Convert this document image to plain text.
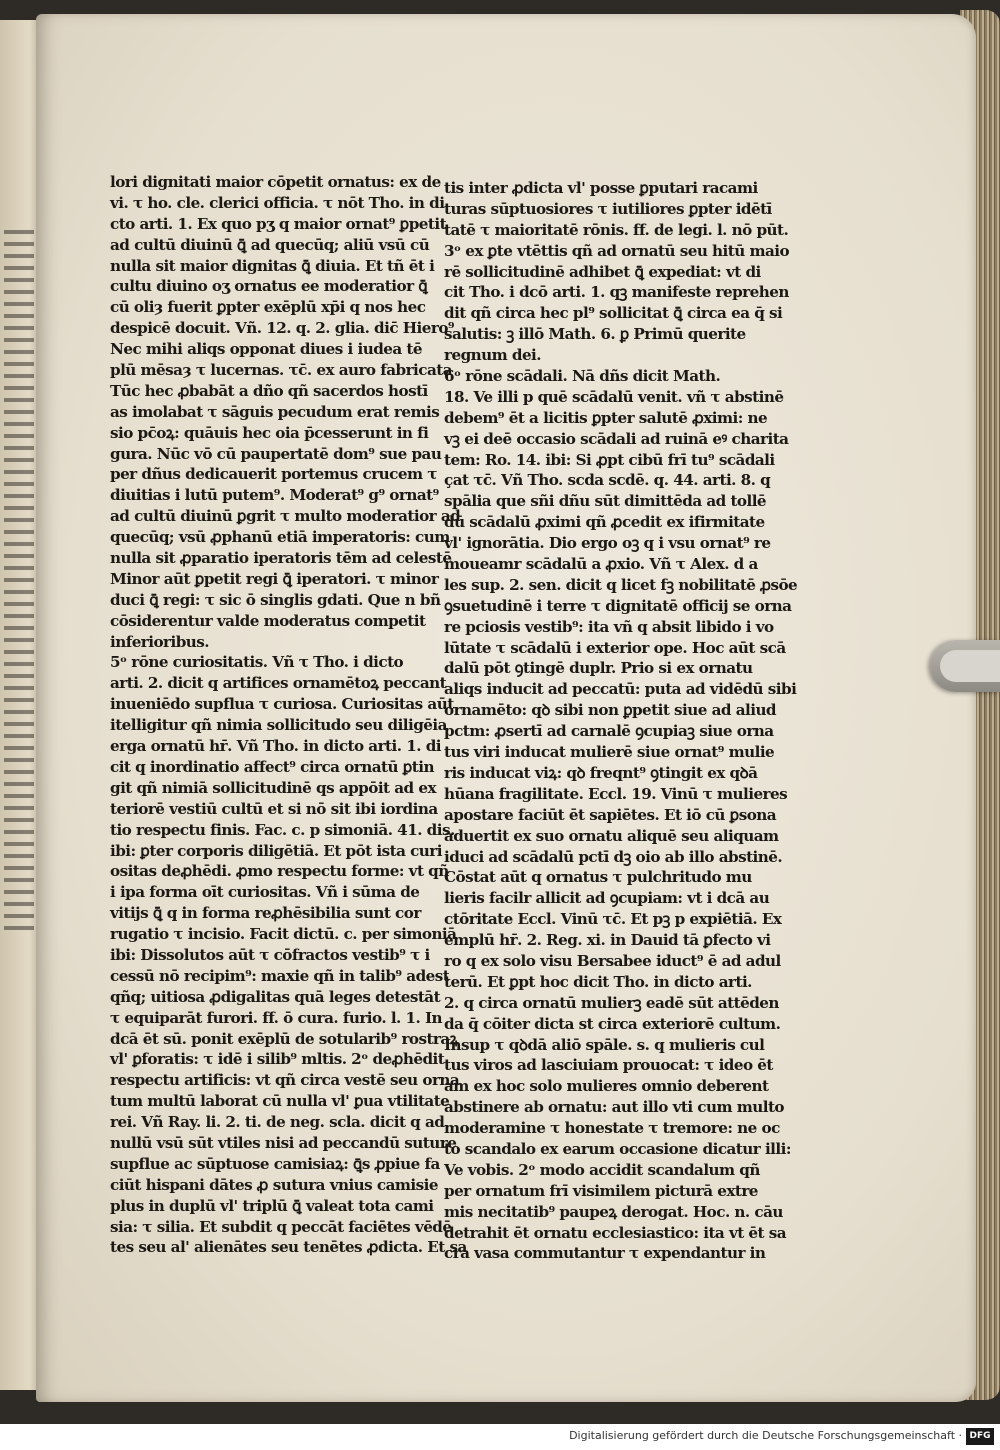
lori dignitati maior cōpetit ornatus: ex de
vi. τ ho. cle. clerici officia. τ nōt Tho. in di
cto arti. 1. Ex quo pʒ q maior ornat⁹ ꝑpetit
ad cultū diuinū ꝗ̄ ad quecūq; aliū vsū cū
nulla sit maior dignitas ꝗ̄ diuia. Et tñ ēt i
cultu diuino oʒ ornatus ee moderatior ꝗ̄
cū oliȝ fuerit ꝑpter exēplū xp̄i q nos hec
despicē docuit. Vñ. 12. q. 2. glia. dic̄ Hiero⁹
Nec mihi aliqs opponat diues i iudea tē
plū mēsaȝ τ lucernas. τc̄. ex auro fabricata
Tūc hec ꝓbabāt a dño qñ sacerdos hostī
as imolabat τ sāguis pecudum erat remis
sio pc̄oꝝ: quāuis hec oia p̄cesserunt in fi
gura. Nūc vō cū paupertatē dom⁹ sue pau
per dñus dedicauerit portemus crucem τ
diuitias i lutū putem⁹. Moderat⁹ g⁹ ornat⁹
ad cultū diuinū ꝑgrit τ multo moderatior ad
quecūq; vsū ꝓphanū etiā imperatoris: cum
nulla sit ꝓparatio iperatoris tēm ad celestē
Minor aūt ꝑpetit regi ꝗ̄ iperatori. τ minor
duci ꝗ̄ regi: τ sic ō singlis gdati. Que n bñ
cōsiderentur valde moderatus competit
inferioribus.
5ᵒ rōne curiositatis. Vñ τ Tho. i dicto
arti. 2. dicit q artifices ornamētoꝝ peccant
inueniēdo supflua τ curiosa. Curiositas aūt
itelligitur qñ nimia sollicitudo seu diligēia
erga ornatū hr̄. Vñ Tho. in dicto arti. 1. di
cit q inordinatio affect⁹ circa ornatū ꝑtin
git qñ nimiā sollicitudinē qs appōit ad ex
teriorē vestiū cultū et si nō sit ibi iordina
tio respectu finis. Fac. c. p simoniā. 41. dis.
ibi: ꝑter corporis diligētiā. Et pōt ista curi
ositas deꝓhēdi. ꝓmo respectu forme: vt qñ
i ipa forma oīt curiositas. Vñ i sūma de
vitijs ꝗ̄ q in forma reꝓhēsibilia sunt cor
rugatio τ incisio. Facit dictū. c. per simoniā
ibi: Dissolutos aūt τ cōfractos vestib⁹ τ i
cessū nō recipim⁹: maxie qñ in talib⁹ adest
qñq; uitiosa ꝓdigalitas quā leges detestāt
τ equiparāt furori. ff. ō cura. furio. l. 1. In
dcā ēt sū. ponit exēplū de sotularib⁹ rostraꝝ
vl' ꝑforatis: τ idē i silib⁹ mltis. 2ᵒ deꝓhēdit
respectu artificis: vt qñ circa vestē seu orna
tum multū laborat cū nulla vl' ꝑua vtilitate
rei. Vñ Ray. li. 2. ti. de neg. scla. dicit q ad
nullū vsū sūt vtiles nisi ad peccandū suture
supflue ac sūptuose camisiaꝝ: ꝗ̄s ꝓpiue fa
ciūt hispani dātes ꝓ sutura vnius camisie
plus in duplū vl' triplū ꝗ̄ valeat tota cami
sia: τ silia. Et subdit q peccāt faciētes vēdē
tes seu al' alienātes seu tenētes ꝓdicta. Et sa
tis inter ꝓdicta vl' posse ꝑputari racami
turas sūptuosiores τ iutiliores ꝑpter idētī
tatē τ maioritatē rōnis. ff. de legi. l. nō pūt.
3ᵒ ex ꝑte vtēttis qñ ad ornatū seu hitū maio
rē sollicitudinē adhibet ꝗ̄ expediat: vt di
cit Tho. i dcō arti. 1. qꝫ manifeste reprehen
dit qñ circa hec pl⁹ sollicitat ꝗ̄ circa ea q̄ si
salutis: ꝫ illō Math. 6. ꝑ Primū querite
regnum dei.
6ᵒ rōne scādali. Nā dñs dicit Math.
18. Ve illi p quē scādalū venit. vñ τ abstinē
debem⁹ ēt a licitis ꝑpter salutē ꝓximi: ne
vꝫ ei deē occasio scādali ad ruinā eꝰ charita
tem: Ro. 14. ibi: Si ꝓpt cibū frī tu⁹ scādali
çat τc̄. Vñ Tho. scda scdē. q. 44. arti. 8. q
spālia que sñi dñu sūt dimittēda ad tollē
dū scādalū ꝓximi qñ ꝓcedit ex ifirmitate
vl' ignorātia. Dio ergo oꝫ q i vsu ornat⁹ re
moueamr scādalū a ꝓxio. Vñ τ Alex. d a
les sup. 2. sen. dicit q licet fꝫ nobilitatē ꝓsōe
ꝯsuetudinē i terre τ dignitatē officij se orna
re pciosis vestib⁹: ita vñ q absit libido i vo
lūtate τ scādalū i exterior ope. Hoc aūt scā
dalū pōt ꝯtingē duplr. Prio si ex ornatu
aliqs inducit ad peccatū: puta ad vidēdū sibi
ornamēto: qꝺ sibi non ꝑpetit siue ad aliud
pctm: ꝓsertī ad carnalē ꝯcupiaꝫ siue orna
tus viri inducat mulierē siue ornat⁹ mulie
ris inducat viꝝ: qꝺ freqnt⁹ ꝯtingit ex qꝺā
hūana fragilitate. Eccl. 19. Vinū τ mulieres
apostare faciūt ēt sapiētes. Et iō cū ꝑsona
aduertit ex suo ornatu aliquē seu aliquam
iduci ad scādalū pctī dꝫ oio ab illo abstinē.
Cōstat aūt q ornatus τ pulchritudo mu
lieris facilr allicit ad ꝯcupiam: vt i dcā au
ctōritate Eccl. Vinū τc̄. Et pꝫ p expiētiā. Ex
emplū hr̄. 2. Reg. xi. in Dauid tā ꝑfecto vi
ro q ex solo visu Bersabee iduct⁹ ē ad adul
terū. Et ꝑpt hoc dicit Tho. in dicto arti.
2. q circa ornatū mulierꝫ eadē sūt attēden
da q̄ cōiter dicta st circa exteriorē cultum.
Insup τ qꝺdā aliō spāle. s. q mulieris cul
tus viros ad lasciuiam prouocat: τ ideo ēt
am ex hoc solo mulieres omnio deberent
abstinere ab ornatu: aut illo vti cum multo
moderamine τ honestate τ tremore: ne oc
to scandalo ex earum occasione dicatur illi:
Ve vobis. 2ᵒ modo accidit scandalum qñ
per ornatum frī visimilem picturā extre
mis necitatib⁹ paupeꝝ derogat. Hoc. n. cāu
detrahit ēt ornatu ecclesiastico: ita vt ēt sa
cra vasa commutantur τ expendantur in
Digitalisierung gefördert durch die Deutsche Forschungsgemeinschaft · DFG
